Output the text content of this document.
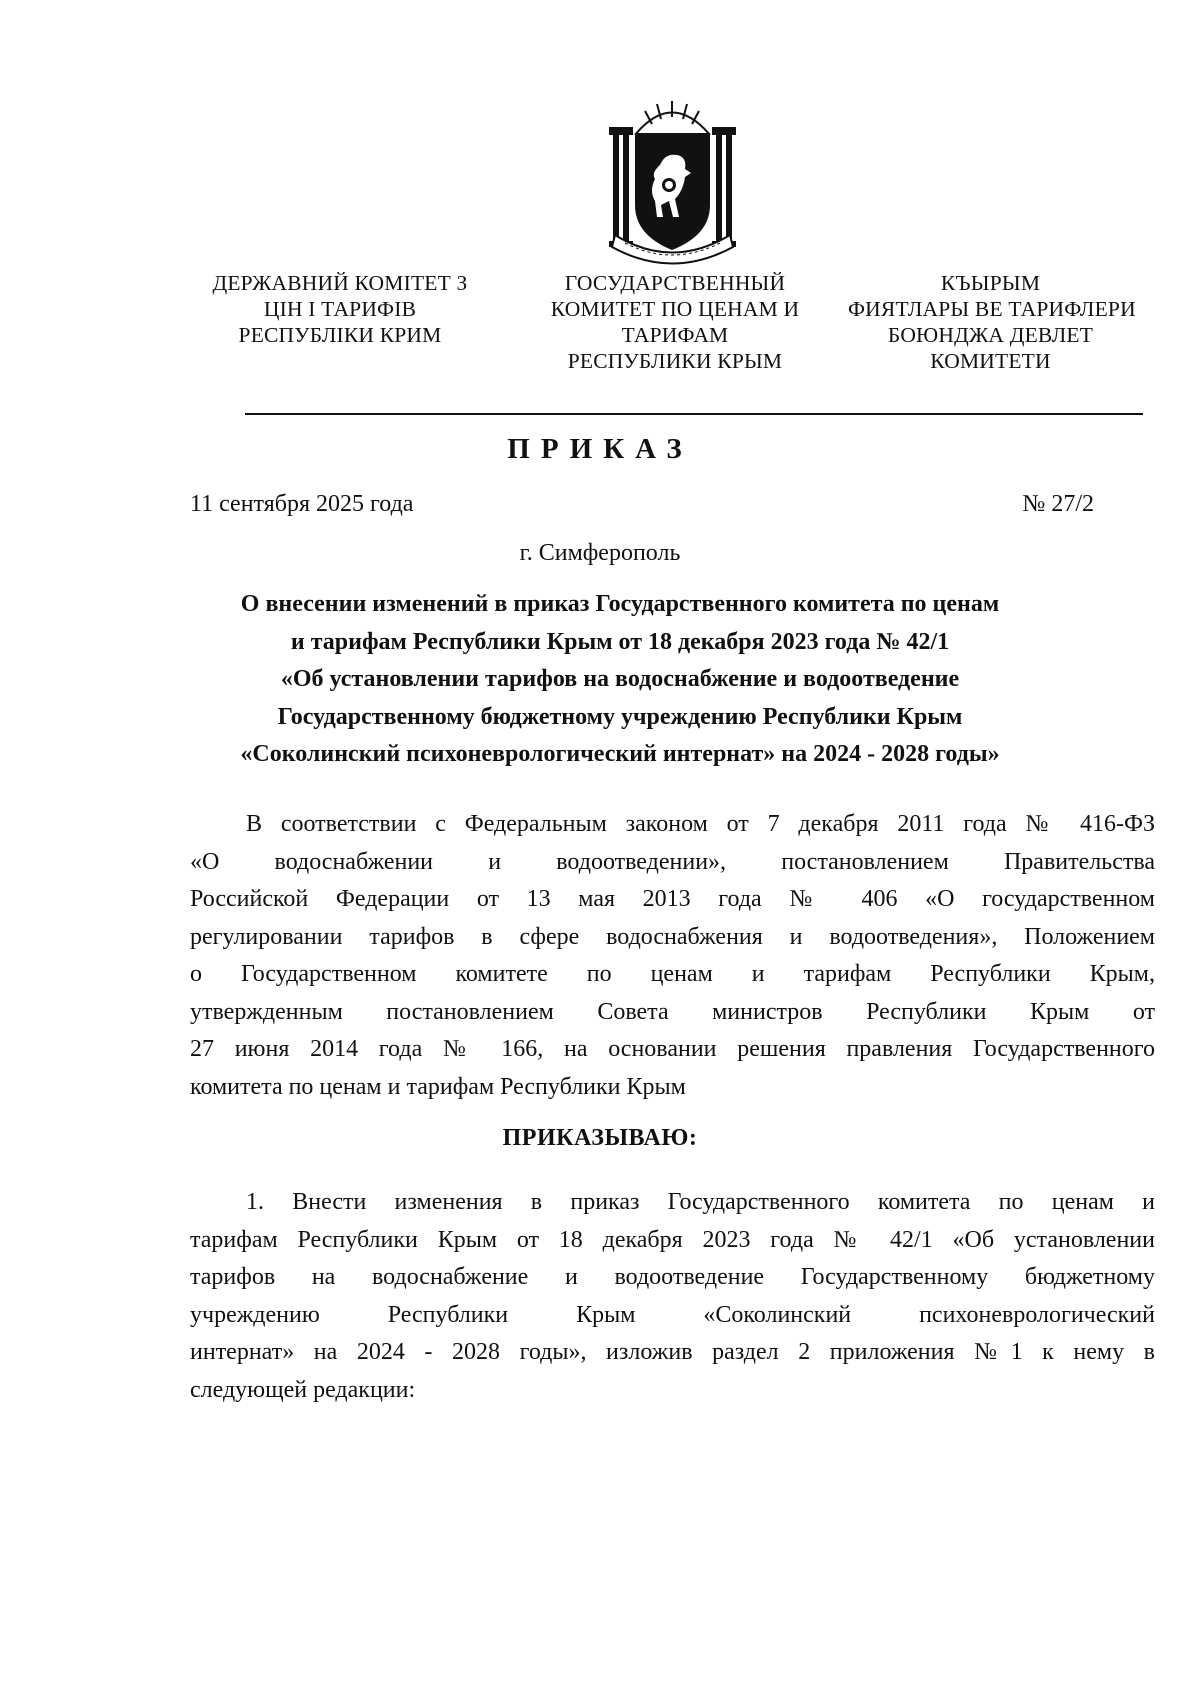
ДЕРЖАВНИЙ КОМІТЕТ З
ЦІН І ТАРИФІВ
РЕСПУБЛІКИ КРИМ
ГОСУДАРСТВЕННЫЙ
КОМИТЕТ ПО ЦЕНАМ И
ТАРИФАМ
РЕСПУБЛИКИ КРЫМ
КЪЫРЫМ
ФИЯТЛАРЫ ВЕ ТАРИФЛЕРИ
БОЮНДЖА ДЕВЛЕТ
КОМИТЕТИ
ПРИКАЗ
11 сентября 2025 года	№ 27/2
г. Симферополь
О внесении изменений в приказ Государственного комитета по ценам
и тарифам Республики Крым от 18 декабря 2023 года № 42/1
«Об установлении тарифов на водоснабжение и водоотведение
Государственному бюджетному учреждению Республики Крым
«Соколинский психоневрологический интернат» на 2024 - 2028 годы»
В соответствии с Федеральным законом от 7 декабря 2011 года № 416-ФЗ
«О водоснабжении и водоотведении», постановлением Правительства
Российской Федерации от 13 мая 2013 года № 406 «О государственном
регулировании тарифов в сфере водоснабжения и водоотведения», Положением
о Государственном комитете по ценам и тарифам Республики Крым,
утвержденным постановлением Совета министров Республики Крым от
27 июня 2014 года № 166, на основании решения правления Государственного
комитета по ценам и тарифам Республики Крым
ПРИКАЗЫВАЮ:
1. Внести изменения в приказ Государственного комитета по ценам и
тарифам Республики Крым от 18 декабря 2023 года № 42/1 «Об установлении
тарифов на водоснабжение и водоотведение Государственному бюджетному
учреждению Республики Крым «Соколинский психоневрологический
интернат» на 2024 - 2028 годы», изложив раздел 2 приложения №1 к нему в
следующей редакции:
